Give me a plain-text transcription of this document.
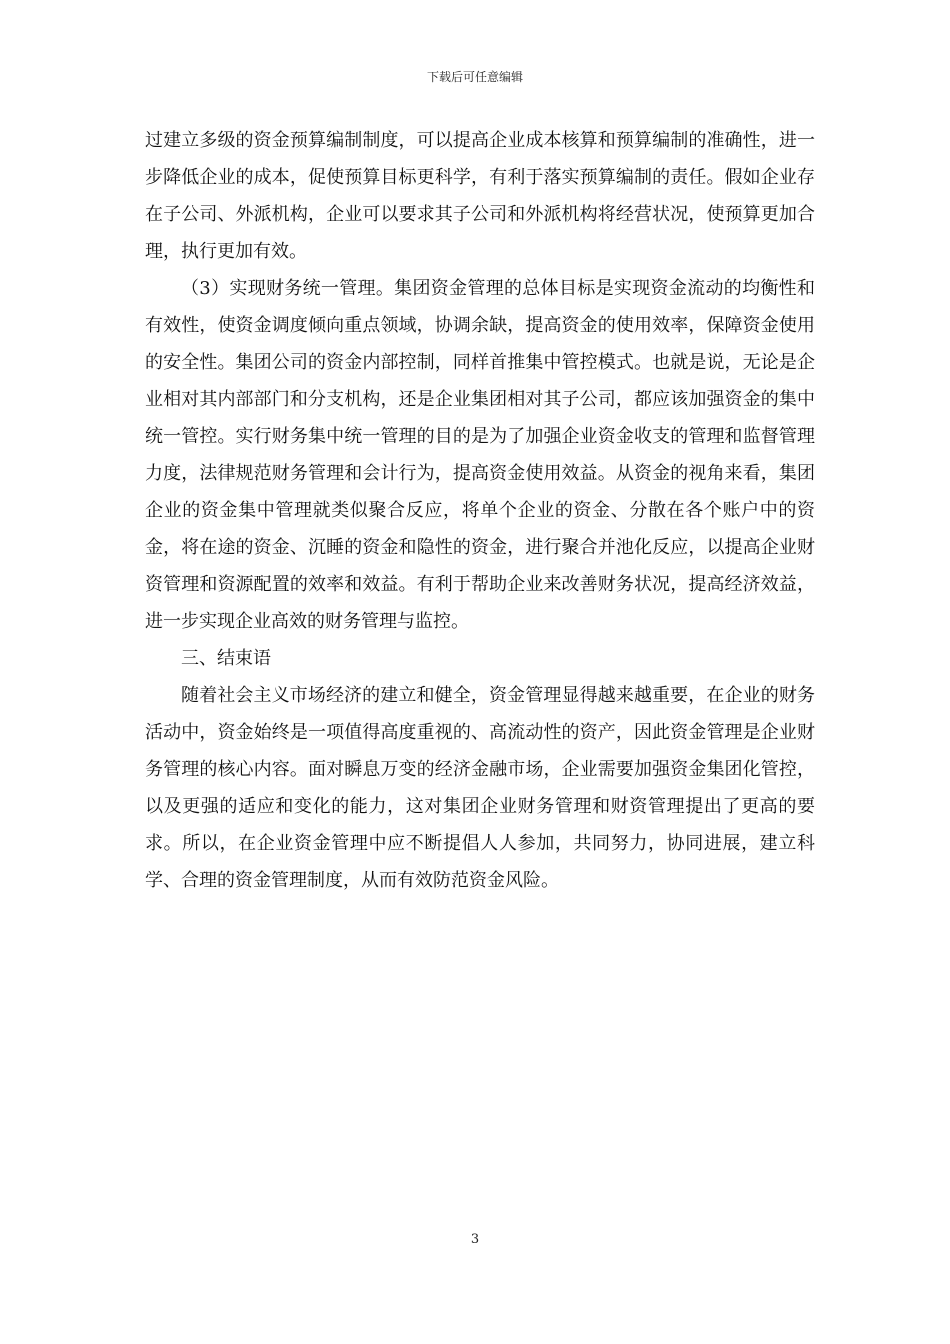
下载后可任意编辑

过建立多级的资金预算编制制度，可以提高企业成本核算和预算编制的准确性，进一步降低企业的成本，促使预算目标更科学，有利于落实预算编制的责任。假如企业存在子公司、外派机构，企业可以要求其子公司和外派机构将经营状况，使预算更加合理，执行更加有效。

（3）实现财务统一管理。集团资金管理的总体目标是实现资金流动的均衡性和有效性，使资金调度倾向重点领域，协调余缺，提高资金的使用效率，保障资金使用的安全性。集团公司的资金内部控制，同样首推集中管控模式。也就是说，无论是企业相对其内部部门和分支机构，还是企业集团相对其子公司，都应该加强资金的集中统一管控。实行财务集中统一管理的目的是为了加强企业资金收支的管理和监督管理力度，法律规范财务管理和会计行为，提高资金使用效益。从资金的视角来看，集团企业的资金集中管理就类似聚合反应，将单个企业的资金、分散在各个账户中的资金，将在途的资金、沉睡的资金和隐性的资金，进行聚合并池化反应，以提高企业财资管理和资源配置的效率和效益。有利于帮助企业来改善财务状况，提高经济效益，进一步实现企业高效的财务管理与监控。

三、结束语

随着社会主义市场经济的建立和健全，资金管理显得越来越重要，在企业的财务活动中，资金始终是一项值得高度重视的、高流动性的资产，因此资金管理是企业财务管理的核心内容。面对瞬息万变的经济金融市场，企业需要加强资金集团化管控，以及更强的适应和变化的能力，这对集团企业财务管理和财资管理提出了更高的要求。所以，在企业资金管理中应不断提倡人人参加，共同努力，协同进展，建立科学、合理的资金管理制度，从而有效防范资金风险。

3
